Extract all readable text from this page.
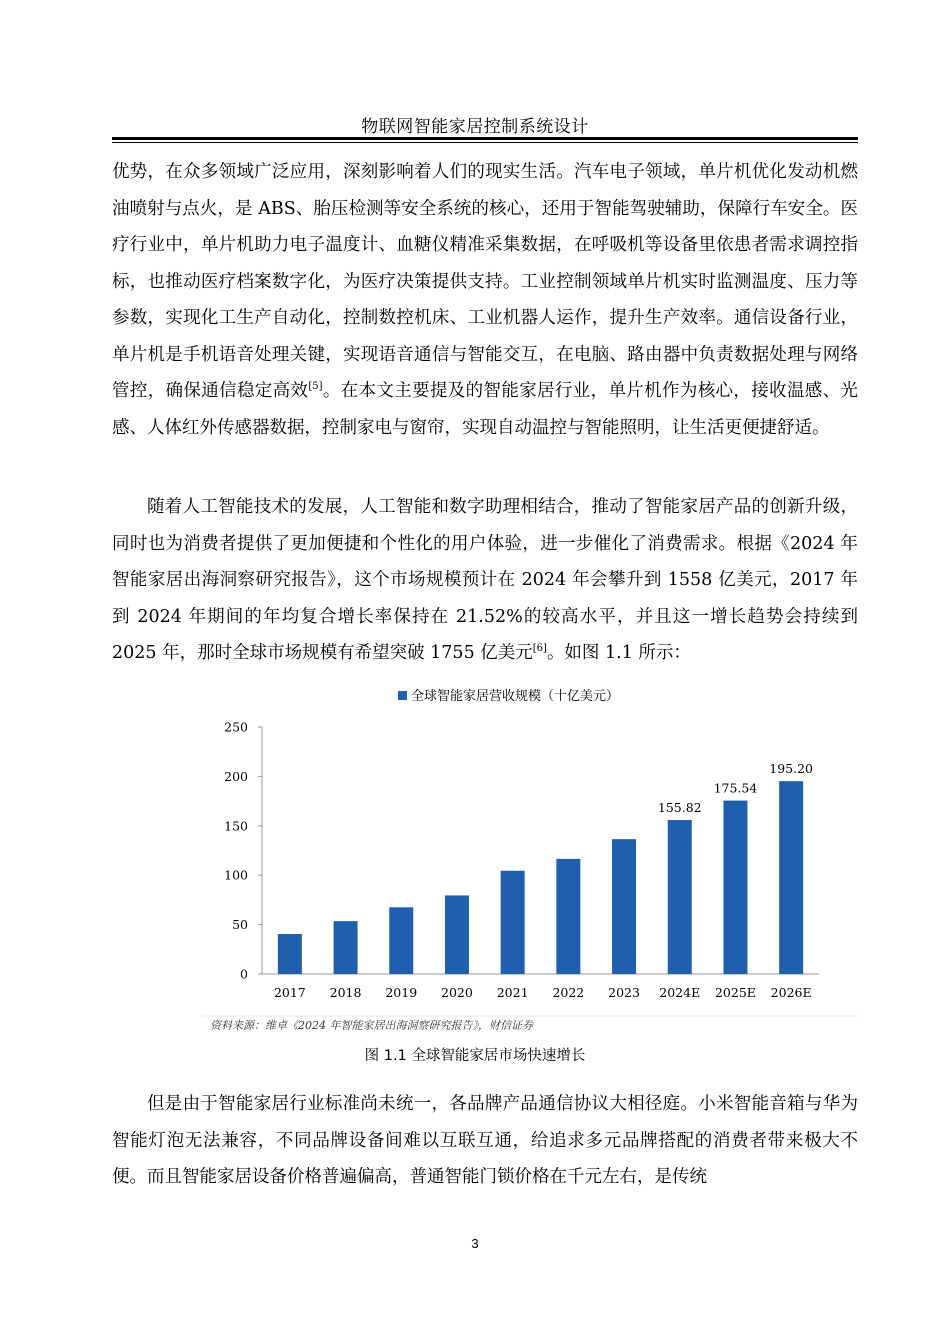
物联网智能家居控制系统设计

优势，在众多领域广泛应用，深刻影响着人们的现实生活。汽车电子领域，单片机优化发动机燃油喷射与点火，是 ABS、胎压检测等安全系统的核心，还用于智能驾驶辅助，保障行车安全。医疗行业中，单片机助力电子温度计、血糖仪精准采集数据，在呼吸机等设备里依患者需求调控指标，也推动医疗档案数字化，为医疗决策提供支持。工业控制领域单片机实时监测温度、压力等参数，实现化工生产自动化，控制数控机床、工业机器人运作，提升生产效率。通信设备行业，单片机是手机语音处理关键，实现语音通信与智能交互，在电脑、路由器中负责数据处理与网络管控，确保通信稳定高效[5]。在本文主要提及的智能家居行业，单片机作为核心，接收温感、光感、人体红外传感器数据，控制家电与窗帘，实现自动温控与智能照明，让生活更便捷舒适。

随着人工智能技术的发展，人工智能和数字助理相结合，推动了智能家居产品的创新升级，同时也为消费者提供了更加便捷和个性化的用户体验，进一步催化了消费需求。根据《2024 年智能家居出海洞察研究报告》，这个市场规模预计在 2024 年会攀升到 1558 亿美元，2017 年到 2024 年期间的年均复合增长率保持在 21.52%的较高水平，并且这一增长趋势会持续到 2025 年，那时全球市场规模有希望突破 1755 亿美元[6]。如图 1.1 所示：

全球智能家居营收规模（十亿美元）
0
50
100
150
200
250
2017 2018 2019 2020 2021 2022 2023 2024E 2025E 2026E
155.82
175.54
195.20
资料来源：维卓《2024 年智能家居出海洞察研究报告》，财信证券
图 1.1 全球智能家居市场快速增长

但是由于智能家居行业标准尚未统一，各品牌产品通信协议大相径庭。小米智能音箱与华为智能灯泡无法兼容，不同品牌设备间难以互联互通，给追求多元品牌搭配的消费者带来极大不便。而且智能家居设备价格普遍偏高，普通智能门锁价格在千元左右，是传统

3
